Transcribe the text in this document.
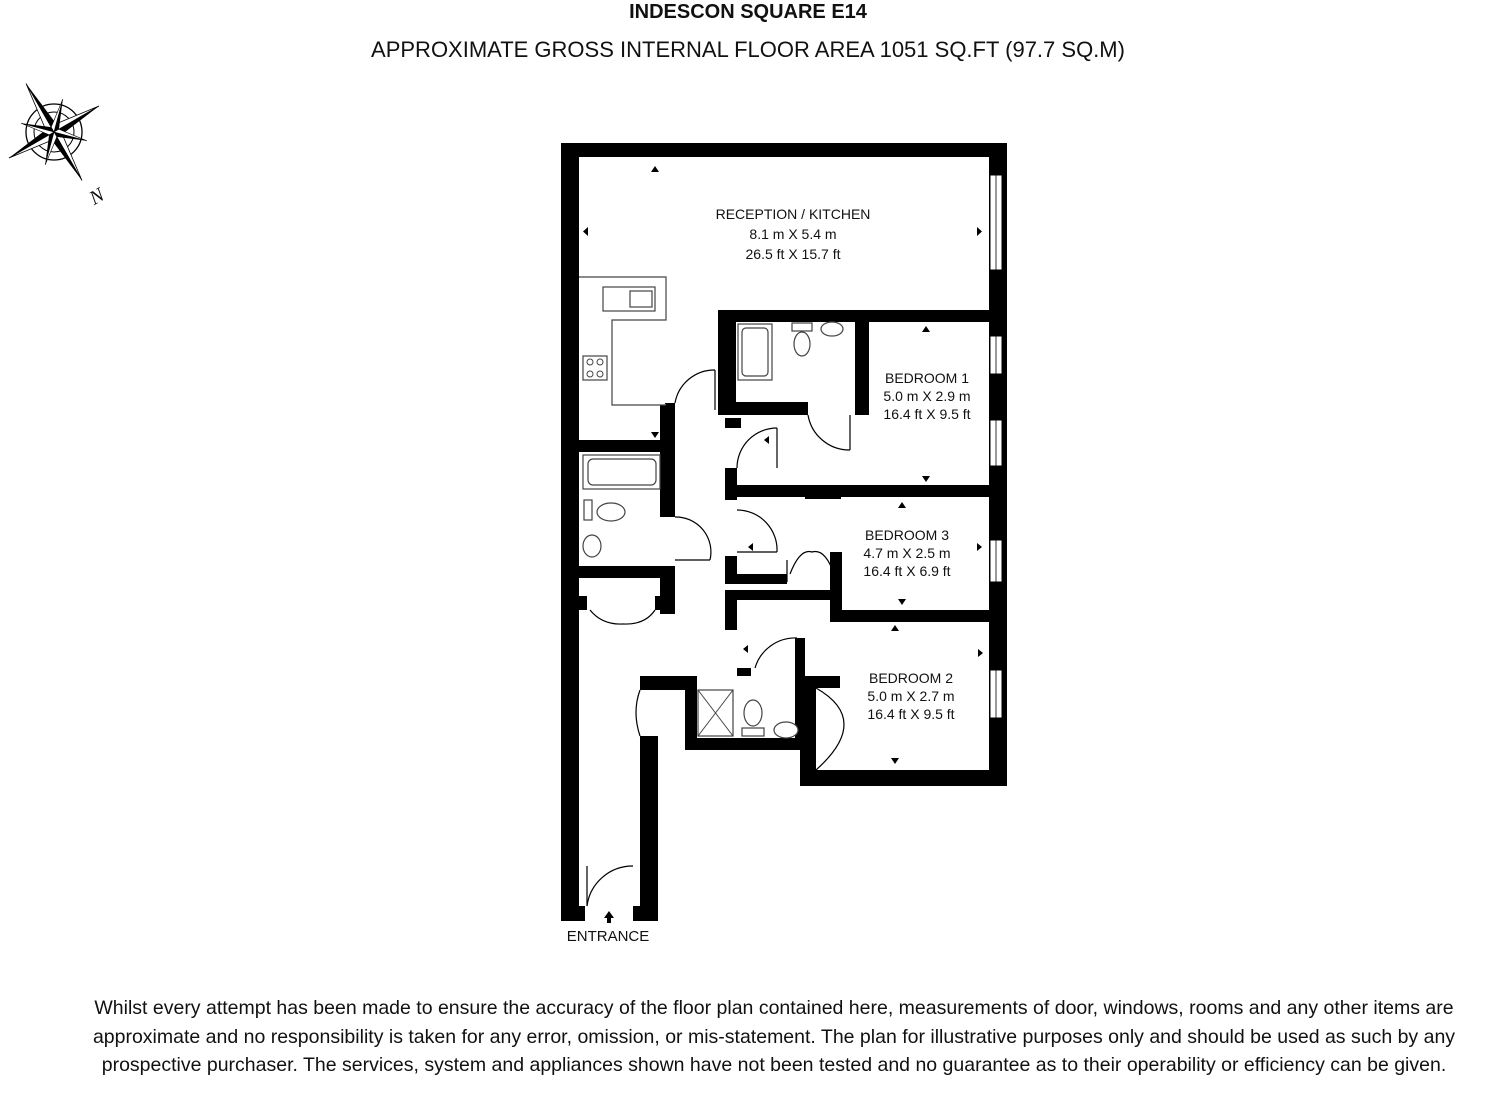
INDESCON SQUARE E14
APPROXIMATE GROSS INTERNAL FLOOR AREA 1051 SQ.FT (97.7 SQ.M)
N
RECEPTION / KITCHEN
8.1 m X 5.4 m
26.5 ft X 15.7 ft
BEDROOM 1
5.0 m X 2.9 m
16.4 ft X 9.5 ft
BEDROOM 3
4.7 m X 2.5 m
16.4 ft X 6.9 ft
BEDROOM 2
5.0 m X 2.7 m
16.4 ft X 9.5 ft
ENTRANCE
Whilst every attempt has been made to ensure the accuracy of the floor plan contained here, measurements of door, windows, rooms and any other items are approximate and no responsibility is taken for any error, omission, or mis-statement. The plan for illustrative purposes only and should be used as such by any prospective purchaser. The services, system and appliances shown have not been tested and no guarantee as to their operability or efficiency can be given.
